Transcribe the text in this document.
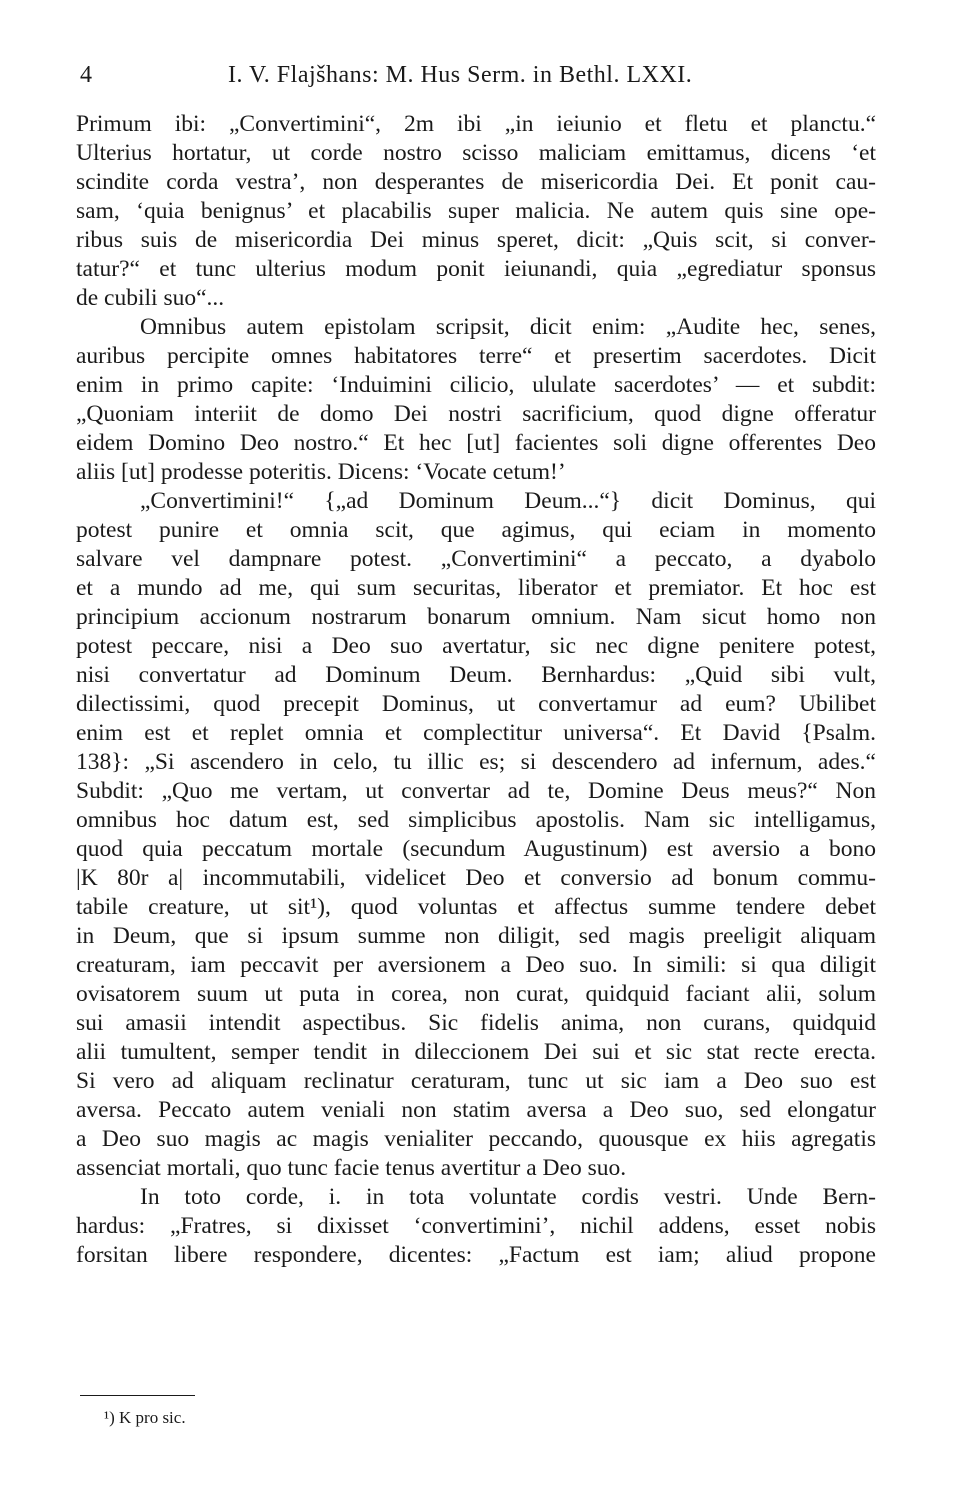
4	I. V. Flajšhans: M. Hus Serm. in Bethl. LXXI.
Primum ibi: „Convertimini“, 2m ibi „in ieiunio et fletu et planctu.“
Ulterius hortatur, ut corde nostro scisso maliciam emittamus, dicens ‘et
scindite corda vestra’, non desperantes de misericordia Dei. Et ponit cau-
sam, ‘quia benignus’ et placabilis super malicia. Ne autem quis sine ope-
ribus suis de misericordia Dei minus speret, dicit: „Quis scit, si conver-
tatur?“ et tunc ulterius modum ponit ieiunandi, quia „egrediatur sponsus
de cubili suo“...
Omnibus autem epistolam scripsit, dicit enim: „Audite hec, senes,
auribus percipite omnes habitatores terre“ et presertim sacerdotes. Dicit
enim in primo capite: ‘Induimini cilicio, ululate sacerdotes’ — et subdit:
„Quoniam interiit de domo Dei nostri sacrificium, quod digne offeratur
eidem Domino Deo nostro.“ Et hec [ut] facientes soli digne offerentes Deo
aliis [ut] prodesse poteritis. Dicens: ‘Vocate cetum!’
„Convertimini!“ {„ad Dominum Deum...“} dicit Dominus, qui
potest punire et omnia scit, que agimus, qui eciam in momento
salvare vel dampnare potest. „Convertimini“ a peccato, a dyabolo
et a mundo ad me, qui sum securitas, liberator et premiator. Et hoc est
principium accionum nostrarum bonarum omnium. Nam sicut homo non
potest peccare, nisi a Deo suo avertatur, sic nec digne penitere potest,
nisi convertatur ad Dominum Deum. Bernhardus: „Quid sibi vult,
dilectissimi, quod precepit Dominus, ut convertamur ad eum? Ubilibet
enim est et replet omnia et complectitur universa“. Et David {Psalm.
138}: „Si ascendero in celo, tu illic es; si descendero ad infernum, ades.“
Subdit: „Quo me vertam, ut convertar ad te, Domine Deus meus?“ Non
omnibus hoc datum est, sed simplicibus apostolis. Nam sic intelligamus,
quod quia peccatum mortale (secundum Augustinum) est aversio a bono
|K 80r a| incommutabili, videlicet Deo et conversio ad bonum commu-
tabile creature, ut sit¹), quod voluntas et affectus summe tendere debet
in Deum, que si ipsum summe non diligit, sed magis preeligit aliquam
creaturam, iam peccavit per aversionem a Deo suo. In simili: si qua diligit
ovisatorem suum ut puta in corea, non curat, quidquid faciant alii, solum
sui amasii intendit aspectibus. Sic fidelis anima, non curans, quidquid
alii tumultent, semper tendit in dileccionem Dei sui et sic stat recte erecta.
Si vero ad aliquam reclinatur ceraturam, tunc ut sic iam a Deo suo est
aversa. Peccato autem veniali non statim aversa a Deo suo, sed elongatur
a Deo suo magis ac magis venialiter peccando, quousque ex hiis agregatis
assenciat mortali, quo tunc facie tenus avertitur a Deo suo.
In toto corde, i. in tota voluntate cordis vestri. Unde Bern-
hardus: „Fratres, si dixisset ‘convertimini’, nichil addens, esset nobis
forsitan libere respondere, dicentes: „Factum est iam; aliud propone
¹) K pro sic.
